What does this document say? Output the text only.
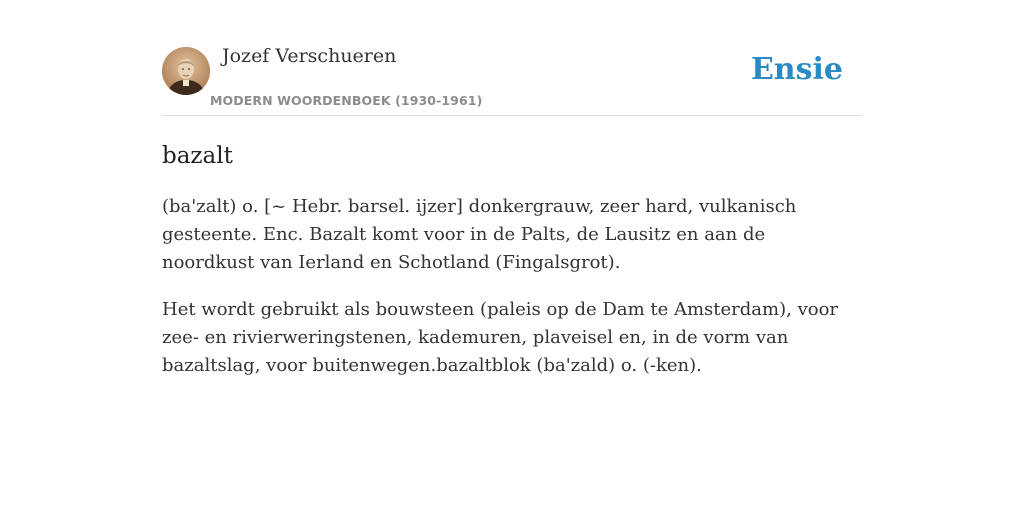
Jozef Verschueren
MODERN WOORDENBOEK (1930-1961)
Ensie
bazalt

(ba'zalt) o. [~ Hebr. barsel. ijzer] donkergrauw, zeer hard, vulkanisch gesteente. Enc. Bazalt komt voor in de Palts, de Lausitz en aan de noordkust van Ierland en Schotland (Fingalsgrot).

Het wordt gebruikt als bouwsteen (paleis op de Dam te Amsterdam), voor zee- en rivierweringstenen, kademuren, plaveisel en, in de vorm van bazaltslag, voor buitenwegen.bazaltblok (ba'zald) o. (-ken).
